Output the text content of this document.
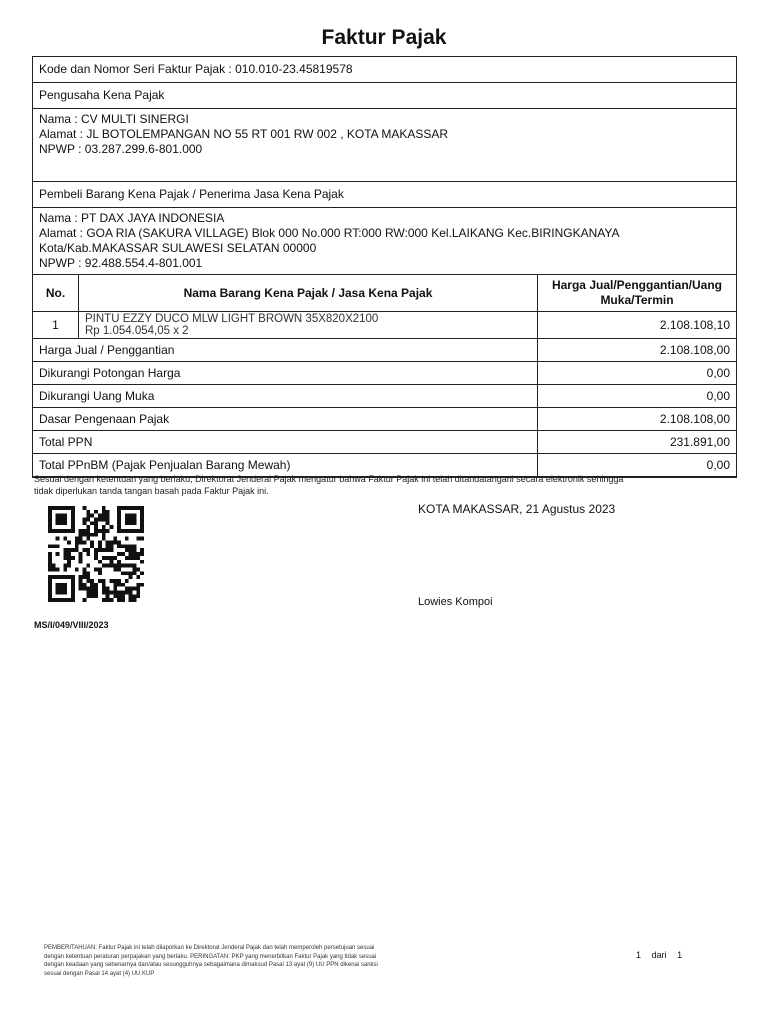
Faktur Pajak
Kode dan Nomor Seri Faktur Pajak : 010.010-23.45819578
Pengusaha Kena Pajak
Nama : CV MULTI SINERGI
Alamat : JL BOTOLEMPANGAN NO 55 RT 001 RW 002 , KOTA MAKASSAR
NPWP : 03.287.299.6-801.000
Pembeli Barang Kena Pajak / Penerima Jasa Kena Pajak
Nama : PT DAX JAYA INDONESIA
Alamat : GOA RIA (SAKURA VILLAGE) Blok 000 No.000 RT:000 RW:000 Kel.LAIKANG Kec.BIRINGKANAYA
Kota/Kab.MAKASSAR SULAWESI SELATAN 00000
NPWP : 92.488.554.4-801.001
No.	Nama Barang Kena Pajak / Jasa Kena Pajak	Harga Jual/Penggantian/Uang
Muka/Termin

1	PINTU EZZY DUCO MLW LIGHT BROWN 35X820X2100
Rp 1.054.054,05 x 2	2.108.108,10
Harga Jual / Penggantian		2.108.108,00
Dikurangi Potongan Harga		0,00
Dikurangi Uang Muka		0,00
Dasar Pengenaan Pajak		2.108.108,00
Total PPN		231.891,00
Total PPnBM (Pajak Penjualan Barang Mewah)		0,00
Sesuai dengan ketentuan yang berlaku, Direktorat Jenderal Pajak mengatur bahwa Faktur Pajak ini telah ditandatangani secara elektronik sehingga
tidak diperlukan tanda tangan basah pada Faktur Pajak ini.
KOTA MAKASSAR, 21 Agustus 2023
Lowies Kompoi
MS/I/049/VIII/2023
PEMBERITAHUAN: Faktur Pajak ini telah dilaporkan ke Direktorat Jenderal Pajak dan telah memperoleh persetujuan sesuai
dengan ketentuan peraturan perpajakan yang berlaku. PERINGATAN: PKP yang menerbitkan Faktur Pajak yang tidak sesuai
dengan keadaan yang sebenarnya dan/atau sesungguhnya sebagaimana dimaksud Pasal 13 ayat (9) UU PPN dikenai sanksi
sesuai dengan Pasal 14 ayat (4) UU KUP
1 dari 1
